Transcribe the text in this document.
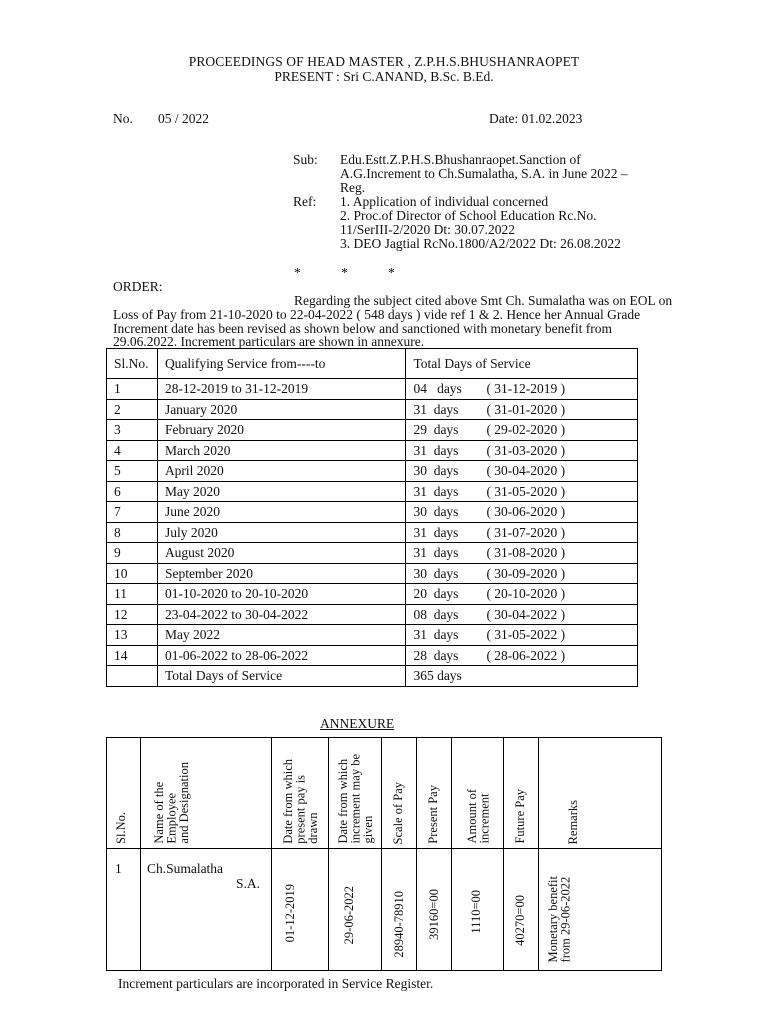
PROCEEDINGS OF HEAD MASTER , Z.P.H.S.BHUSHANRAOPET
PRESENT : Sri C.ANAND, B.Sc. B.Ed.
No. 05 / 2022	Date: 01.02.2023
Sub: Edu.Estt.Z.P.H.S.Bhushanraopet.Sanction of
A.G.Increment to Ch.Sumalatha, S.A. in June 2022 –
Reg.
Ref: 1. Application of individual concerned
2. Proc.of Director of School Education Rc.No.
11/SerIII-2/2020 Dt: 30.07.2022
3. DEO Jagtial RcNo.1800/A2/2022 Dt: 26.08.2022
*	*	*
ORDER:
Regarding the subject cited above Smt Ch. Sumalatha was on EOL on
Loss of Pay from 21-10-2020 to 22-04-2022 ( 548 days ) vide ref 1 & 2. Hence her Annual Grade
Increment date has been revised as shown below and sanctioned with monetary benefit from
29.06.2022. Increment particulars are shown in annexure.
Sl.No.	Qualifying Service from----to	Total Days of Service
1	28-12-2019 to 31-12-2019	04   days ( 31-12-2019 )
2	January 2020	31  days ( 31-01-2020 )
3	February 2020	29  days ( 29-02-2020 )
4	March 2020	31  days ( 31-03-2020 )
5	April 2020	30  days ( 30-04-2020 )
6	May 2020	31  days ( 31-05-2020 )
7	June 2020	30  days ( 30-06-2020 )
8	July 2020	31  days ( 31-07-2020 )
9	August 2020	31  days ( 31-08-2020 )
10	September 2020	30  days ( 30-09-2020 )
11	01-10-2020 to 20-10-2020	20  days ( 20-10-2020 )
12	23-04-2022 to 30-04-2022	08  days ( 30-04-2022 )
13	May 2022	31  days ( 31-05-2022 )
14	01-06-2022 to 28-06-2022	28  days ( 28-06-2022 )
	Total Days of Service	365 days
ANNEXURE
Sl.No.	Name of the
Employee
and Designation	Date from which
present pay is
drawn	Date from which
increment may be
given	Scale of Pay	Present Pay	Amount of
increment	Future Pay	Remarks

1	Ch.Sumalatha
S.A.	01-12-2019	29-06-2022	28940-78910	39160=00	1110=00	40270=00	Monetary benefit
from 29-06-2022
Increment particulars are incorporated in Service Register.
